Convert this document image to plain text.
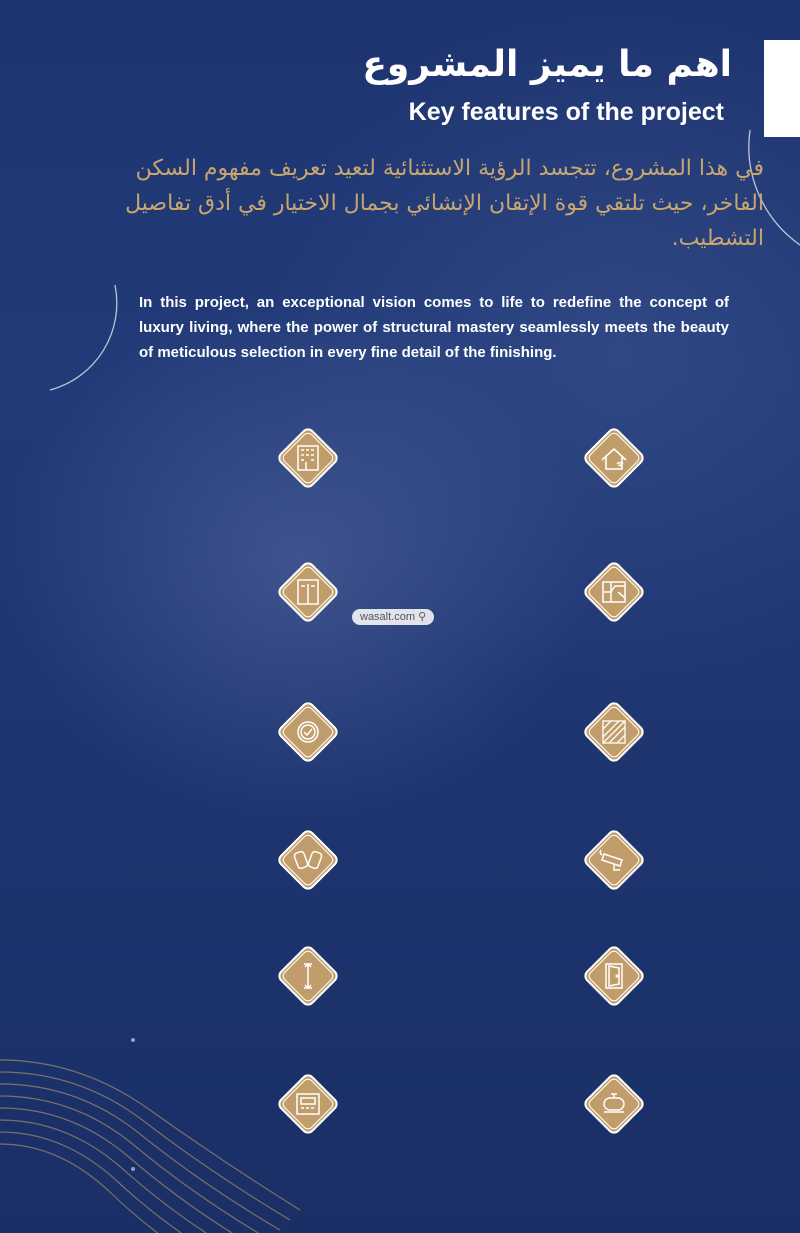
اهم ما يميز المشروع
Key features of the project
في هذا المشروع، تتجسد الرؤية الاستثنائية لتعيد تعريف مفهوم السكن الفاخر، حيث تلتقي قوة الإتقان الإنشائي بجمال الاختيار في أدق تفاصيل التشطيب.
In this project, an exceptional vision comes to life to redefine the concept of luxury living, where the power of structural mastery seamlessly meets the beauty of meticulous selection in every fine detail of the finishing.
wasalt.com ⚲
